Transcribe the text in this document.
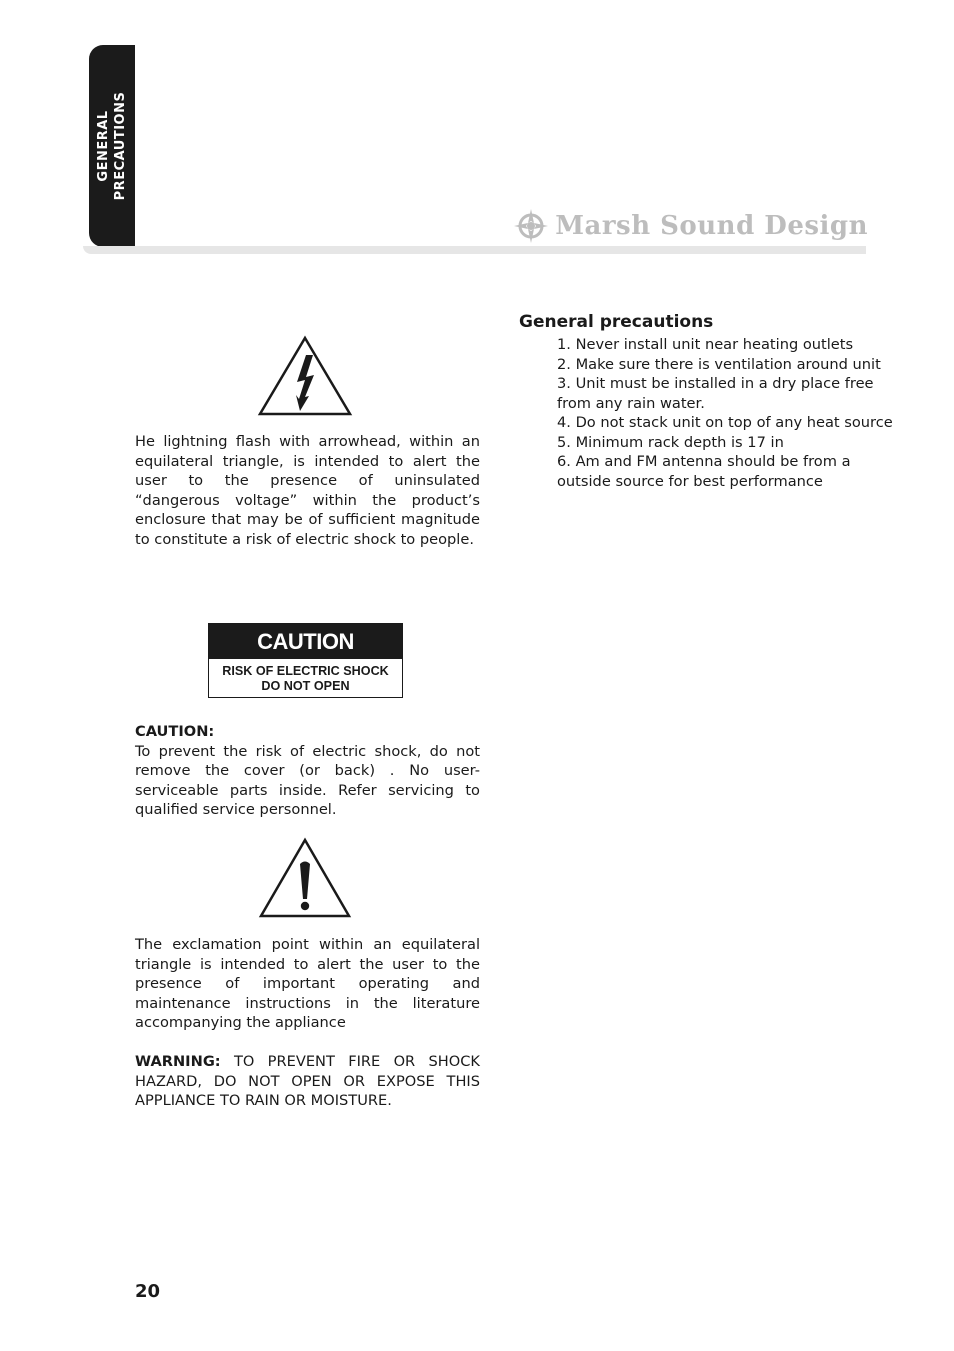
GENERAL PRECAUTIONS
Marsh Sound Design

He lightning flash with arrowhead, within an equilateral triangle, is intended to alert the user to the presence of uninsulated “dangerous voltage” within the product’s enclosure that may be of sufficient magnitude to constitute a risk of electric shock to people.

CAUTION
RISK OF ELECTRIC SHOCK
DO NOT OPEN

CAUTION:

To prevent the risk of electric shock, do not remove the cover (or back) . No user-serviceable parts inside. Refer servicing to qualified service personnel.

The exclamation point within an equilateral triangle is intended to alert the user to the presence of important operating and maintenance instructions in the literature accompanying the appliance

WARNING: TO PREVENT FIRE OR SHOCK HAZARD, DO NOT OPEN OR EXPOSE THIS APPLIANCE TO RAIN OR MOISTURE.

General precautions
1. Never install unit near heating outlets
2. Make sure there is ventilation around unit
3. Unit must be installed in a dry place free from any rain water.
4. Do not stack unit on top of any heat source
5. Minimum rack depth is 17 in
6. Am and FM antenna should be from a outside source for best performance
20
